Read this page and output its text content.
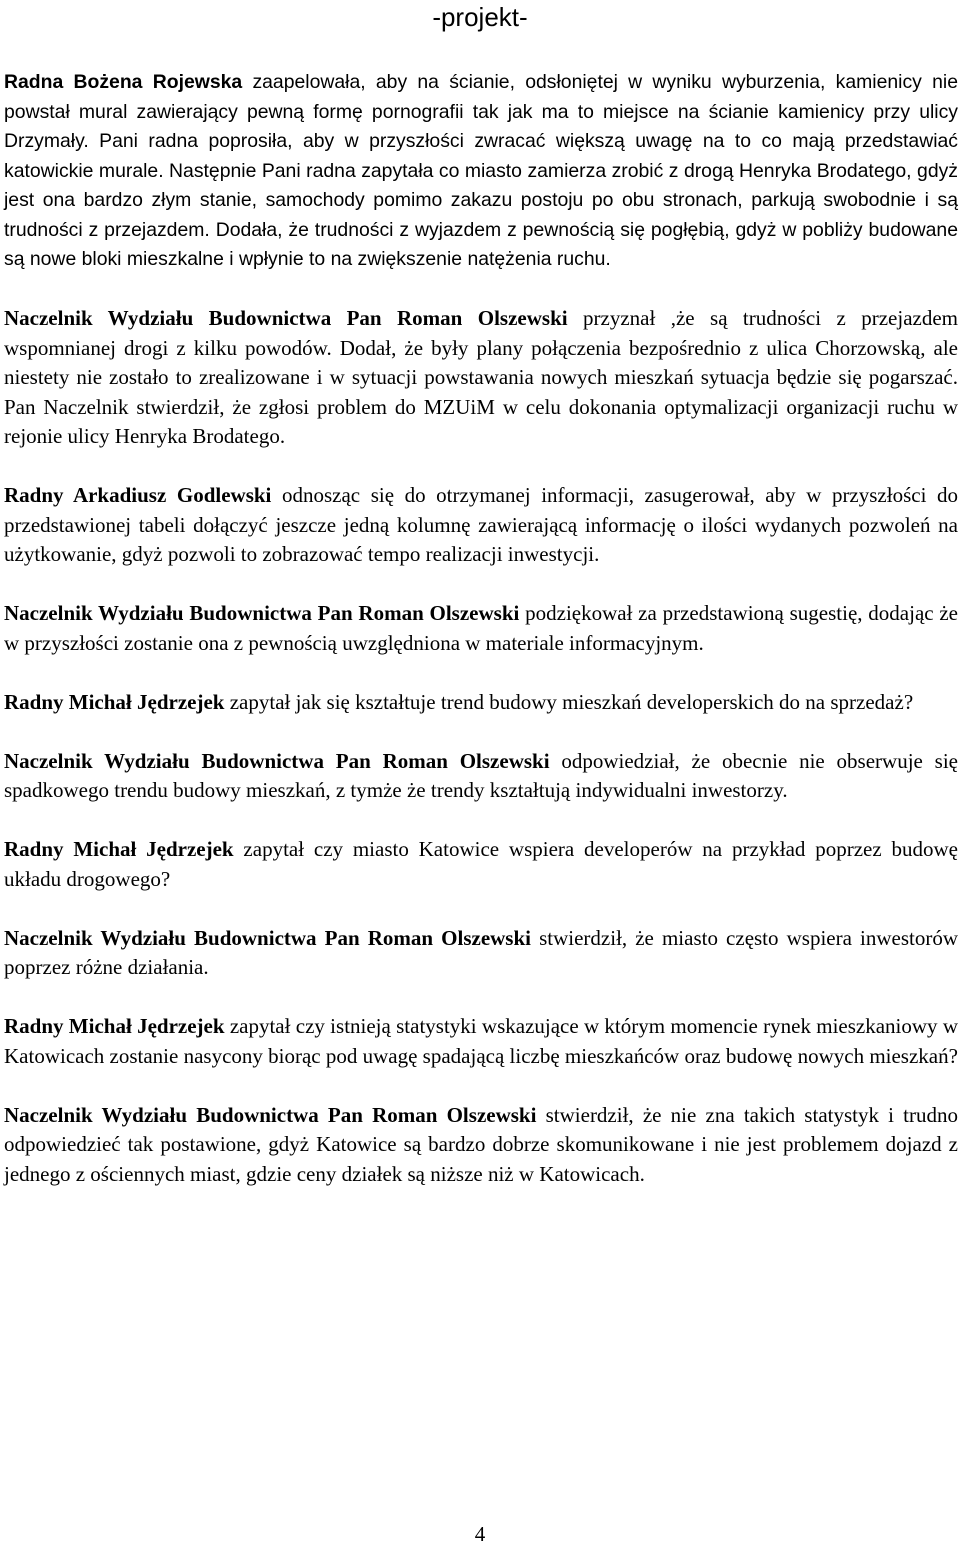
-projekt-

Radna Bożena Rojewska zaapelowała, aby na ścianie, odsłoniętej w wyniku wyburzenia, kamienicy nie powstał mural zawierający pewną formę pornografii tak jak ma to miejsce na ścianie kamienicy przy ulicy Drzymały. Pani radna poprosiła, aby w przyszłości zwracać większą uwagę na to co mają przedstawiać katowickie murale. Następnie Pani radna zapytała co miasto zamierza zrobić z drogą Henryka Brodatego, gdyż jest ona bardzo złym stanie, samochody pomimo zakazu postoju po obu stronach, parkują swobodnie i są trudności z przejazdem. Dodała, że trudności z wyjazdem z pewnością się pogłębią, gdyż w pobliży budowane są nowe bloki mieszkalne i wpłynie to na zwiększenie natężenia ruchu.

Naczelnik Wydziału Budownictwa Pan Roman Olszewski przyznał ,że są trudności z przejazdem wspomnianej drogi z kilku powodów. Dodał, że były plany połączenia bezpośrednio z ulica Chorzowską, ale niestety nie zostało to zrealizowane i w sytuacji powstawania nowych mieszkań sytuacja będzie się pogarszać. Pan Naczelnik stwierdził, że zgłosi problem do MZUiM w celu dokonania optymalizacji organizacji ruchu w rejonie ulicy Henryka Brodatego.

Radny Arkadiusz Godlewski odnosząc się do otrzymanej informacji, zasugerował, aby w przyszłości do przedstawionej tabeli dołączyć jeszcze jedną kolumnę zawierającą informację o ilości wydanych pozwoleń na użytkowanie, gdyż pozwoli to zobrazować tempo realizacji inwestycji.

Naczelnik Wydziału Budownictwa Pan Roman Olszewski podziękował za przedstawioną sugestię, dodając że w przyszłości zostanie ona z pewnością uwzględniona w materiale informacyjnym.

Radny Michał Jędrzejek zapytał jak się kształtuje trend budowy mieszkań developerskich do na sprzedaż?

Naczelnik Wydziału Budownictwa Pan Roman Olszewski odpowiedział, że obecnie nie obserwuje się spadkowego trendu budowy mieszkań, z tymże że trendy kształtują indywidualni inwestorzy.

Radny Michał Jędrzejek zapytał czy miasto Katowice wspiera developerów na przykład poprzez budowę układu drogowego?

Naczelnik Wydziału Budownictwa Pan Roman Olszewski stwierdził, że miasto często wspiera inwestorów poprzez różne działania.

Radny Michał Jędrzejek zapytał czy istnieją statystyki wskazujące w którym momencie rynek mieszkaniowy w Katowicach zostanie nasycony biorąc pod uwagę spadającą liczbę mieszkańców oraz budowę nowych mieszkań?

Naczelnik Wydziału Budownictwa Pan Roman Olszewski stwierdził, że nie zna takich statystyk i trudno odpowiedzieć tak postawione, gdyż Katowice są bardzo dobrze skomunikowane i nie jest problemem dojazd z jednego z ościennych miast, gdzie ceny działek są niższe niż w Katowicach.

4
